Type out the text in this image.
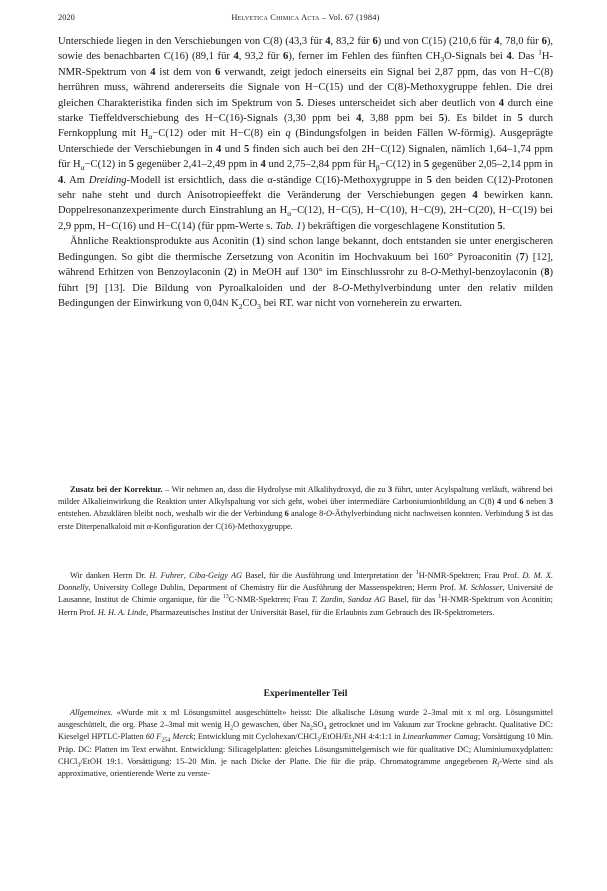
2020	Helvetica Chimica Acta – Vol. 67 (1984)

Unterschiede liegen in den Verschiebungen von C(8) (43,3 für 4, 83,2 für 6) und von C(15) (210,6 für 4, 78,0 für 6), sowie des benachbarten C(16) (89,1 für 4, 93,2 für 6), ferner im Fehlen des fünften $CH_3O$-Signals bei 4. Das $^1$H-NMR-Spektrum von 4 ist dem von 6 verwandt, zeigt jedoch einerseits ein Signal bei 2,87 ppm, das von H−C(8) herrühren muss, während andererseits die Signale von H−C(15) und der C(8)-Methoxygruppe fehlen. Die drei gleichen Charakteristika finden sich im Spektrum von 5. Dieses unterscheidet sich aber deutlich von 4 durch eine starke Tieffeldverschiebung des H−C(16)-Signals (3,30 ppm bei 4, 3,88 ppm bei 5). Es bildet in 5 durch Fernkopplung mit $H_\alpha-C(12)$ oder mit H−C(8) ein q (Bindungsfolgen in beiden Fällen W-förmig). Ausgeprägte Unterschiede der Verschiebungen in 4 und 5 finden sich auch bei den 2H−C(12) Signalen, nämlich 1,64–1,74 ppm für $H_\alpha-C(12)$ in 5 gegenüber 2,41–2,49 ppm in 4 und 2,75–2,84 ppm für $H_\beta-C(12)$ in 5 gegenüber 2,05–2,14 ppm in 4. Am Dreiding-Modell ist ersichtlich, dass die α-ständige C(16)-Methoxygruppe in 5 den beiden C(12)-Protonen sehr nahe steht und durch Anisotropieeffekt die Veränderung der Verschiebungen gegen 4 bewirken kann. Doppelresonanzexperimente durch Einstrahlung an $H_\alpha-C(12)$, H−C(5), H−C(10), H−C(9), 2H−C(20), H−C(19) bei 2,9 ppm, H−C(16) und H−C(14) (für ppm-Werte s. Tab. 1) bekräftigen die vorgeschlagene Konstitution 5.

Ähnliche Reaktionsprodukte aus Aconitin (1) sind schon lange bekannt, doch entstanden sie unter energischeren Bedingungen. So gibt die thermische Zersetzung von Aconitin im Hochvakuum bei 160° Pyroaconitin (7) [12], während Erhitzen von Benzoylaconin (2) in MeOH auf 130° im Einschlussrohr zu 8-O-Methyl-benzoylaconin (8) führt [9] [13]. Die Bildung von Pyroalkaloiden und der 8-O-Methylverbindung unter den relativ milden Bedingungen der Einwirkung von 0,04N $K_2CO_3$ bei RT. war nicht von vorneherein zu erwarten.

Zusatz bei der Korrektur. – Wir nehmen an, dass die Hydrolyse mit Alkalihydroxyd, die zu 3 führt, unter Acylspaltung verläuft, während bei milder Alkalieinwirkung die Reaktion unter Alkylspaltung vor sich geht, wobei über intermediäre Carboniumionbildung an C(8) 4 und 6 neben 3 entstehen. Abzuklären bleibt noch, weshalb wir die der Verbindung 6 analoge 8-O-Äthylverbindung nicht nachweisen konnten. Verbindung 5 ist das erste Diterpenalkaloid mit α-Konfiguration der C(16)-Methoxygruppe.

Wir danken Herrn Dr. H. Fuhrer, Ciba-Geigy AG Basel, für die Ausführung und Interpretation der $^1$H-NMR-Spektren; Frau Prof. D. M. X. Donnelly, University College Dublin, Department of Chemistry für die Ausführung der Massenspektren; Herrn Prof. M. Schlosser, Université de Lausanne, Institut de Chimie organique, für die $^{13}$C-NMR-Spektren; Frau T. Zardin, Sandoz AG Basel, für das $^1$H-NMR-Spektrum von Aconitin; Herrn Prof. H. H. A. Linde, Pharmazeutisches Institut der Universität Basel, für die Erlaubnis zum Gebrauch des IR-Spektrometers.

Experimenteller Teil

Allgemeines. «Wurde mit x ml Lösungsmittel ausgeschüttelt» heisst: Die alkalische Lösung wurde 2–3mal mit x ml org. Lösungsmittel ausgeschüttelt, die org. Phase 2–3mal mit wenig $H_2O$ gewaschen, über $Na_2SO_4$ getrocknet und im Vakuum zur Trockne gebracht. Qualitative DC: Kieselgel HPTLC-Platten 60 $F_{254}$ Merck; Entwicklung mit Cyclohexan/$CHCl_3/EtOH/Et_2NH$ 4:4:1:1 in Linearkammer Camag; Vorsättigung 10 Min. Präp. DC: Platten im Text erwähnt. Entwicklung: Silicagelplatten: gleiches Lösungsmittelgemisch wie für qualitative DC; Aluminiumoxydplatten: CHCl$_3$/EtOH 19:1. Vorsättigung: 15–20 Min. je nach Dicke der Platte. Die für die präp. Chromatogramme angegebenen $R_f$-Werte sind als approximative, orientierende Werte zu verste-
